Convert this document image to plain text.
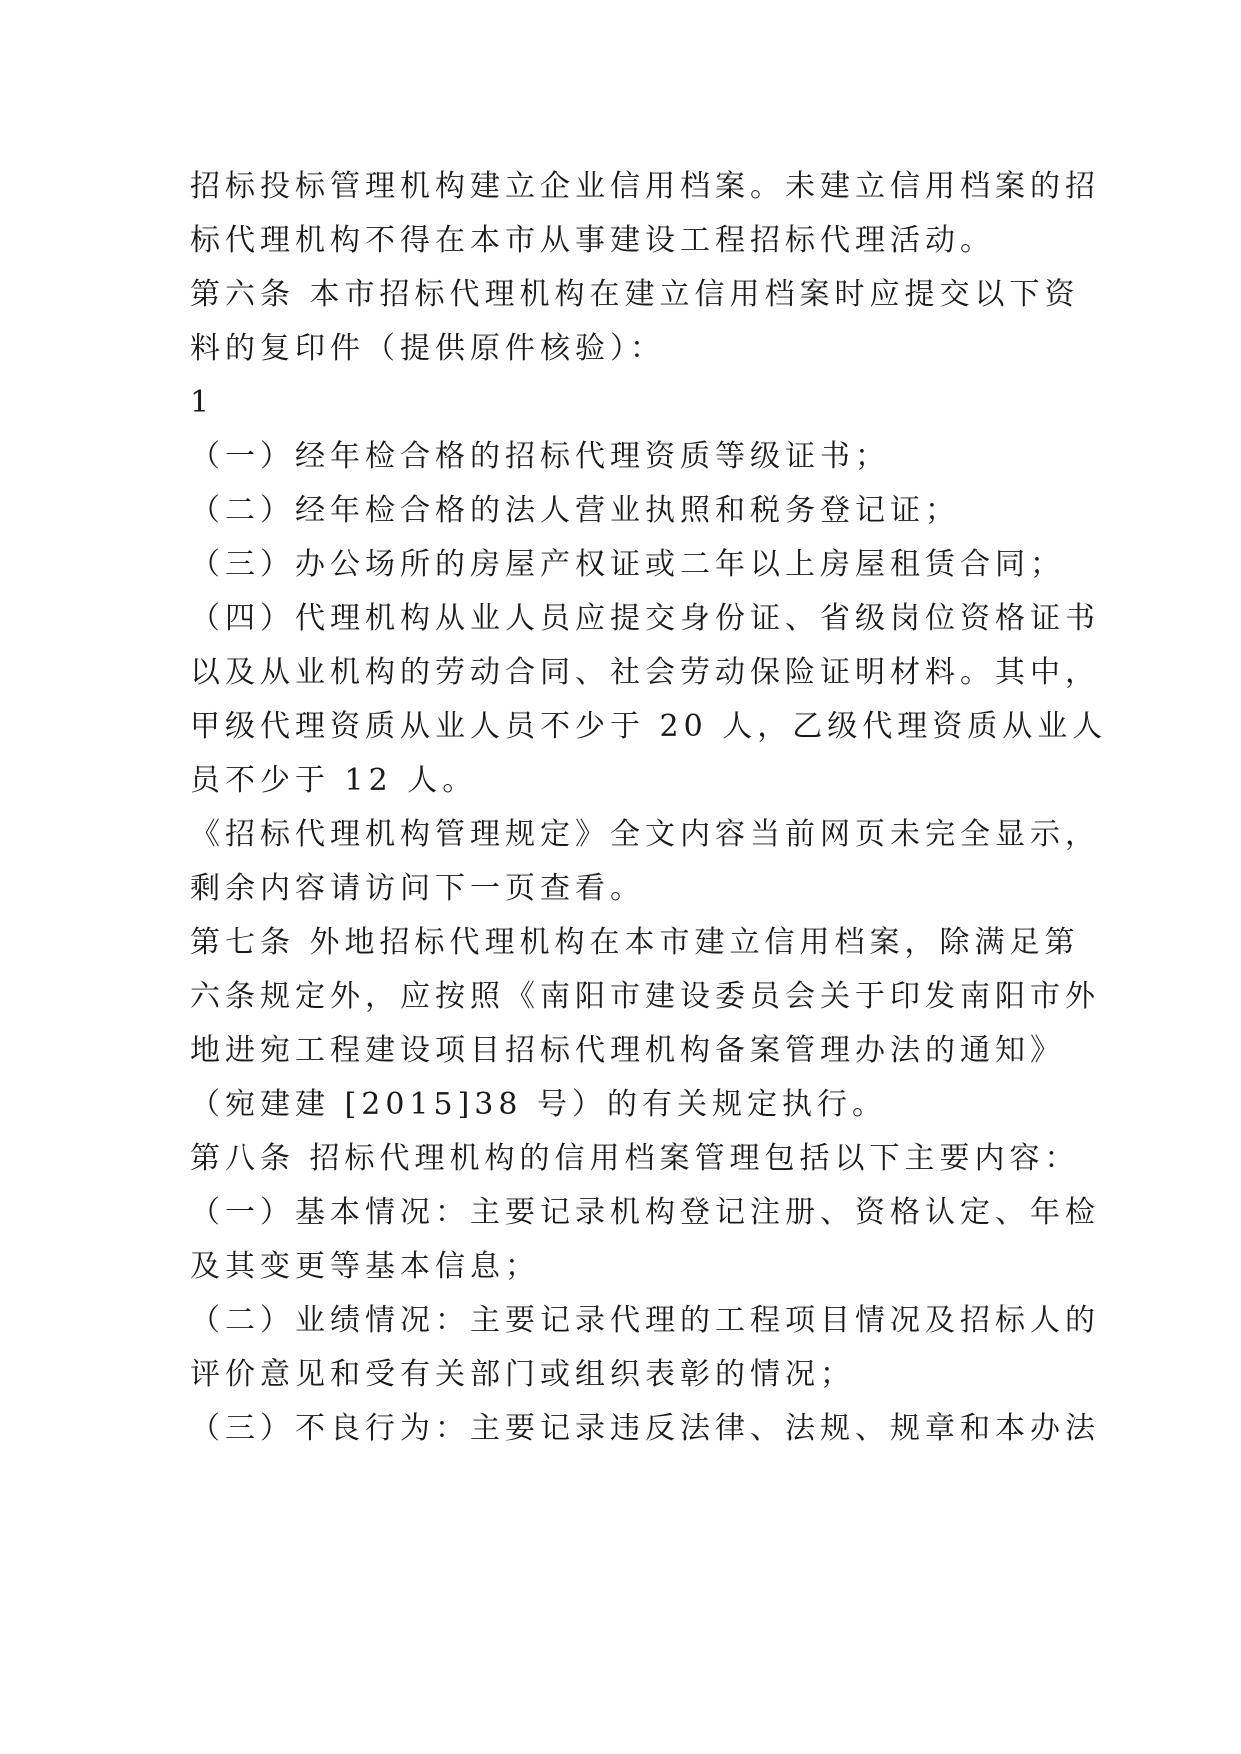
招标投标管理机构建立企业信用档案。未建立信用档案的招

标代理机构不得在本市从事建设工程招标代理活动。

第六条 本市招标代理机构在建立信用档案时应提交以下资

料的复印件（提供原件核验）：

1

（一）经年检合格的招标代理资质等级证书；

（二）经年检合格的法人营业执照和税务登记证；

（三）办公场所的房屋产权证或二年以上房屋租赁合同；

（四）代理机构从业人员应提交身份证、省级岗位资格证书

以及从业机构的劳动合同、社会劳动保险证明材料。其中，

甲级代理资质从业人员不少于 20 人，乙级代理资质从业人

员不少于 12 人。

《招标代理机构管理规定》全文内容当前网页未完全显示，

剩余内容请访问下一页查看。

第七条 外地招标代理机构在本市建立信用档案，除满足第

六条规定外，应按照《南阳市建设委员会关于印发南阳市外

地进宛工程建设项目招标代理机构备案管理办法的通知》

（宛建建 [2015]38 号）的有关规定执行。

第八条 招标代理机构的信用档案管理包括以下主要内容：

（一）基本情况：主要记录机构登记注册、资格认定、年检

及其变更等基本信息；

（二）业绩情况：主要记录代理的工程项目情况及招标人的

评价意见和受有关部门或组织表彰的情况；

（三）不良行为：主要记录违反法律、法规、规章和本办法
